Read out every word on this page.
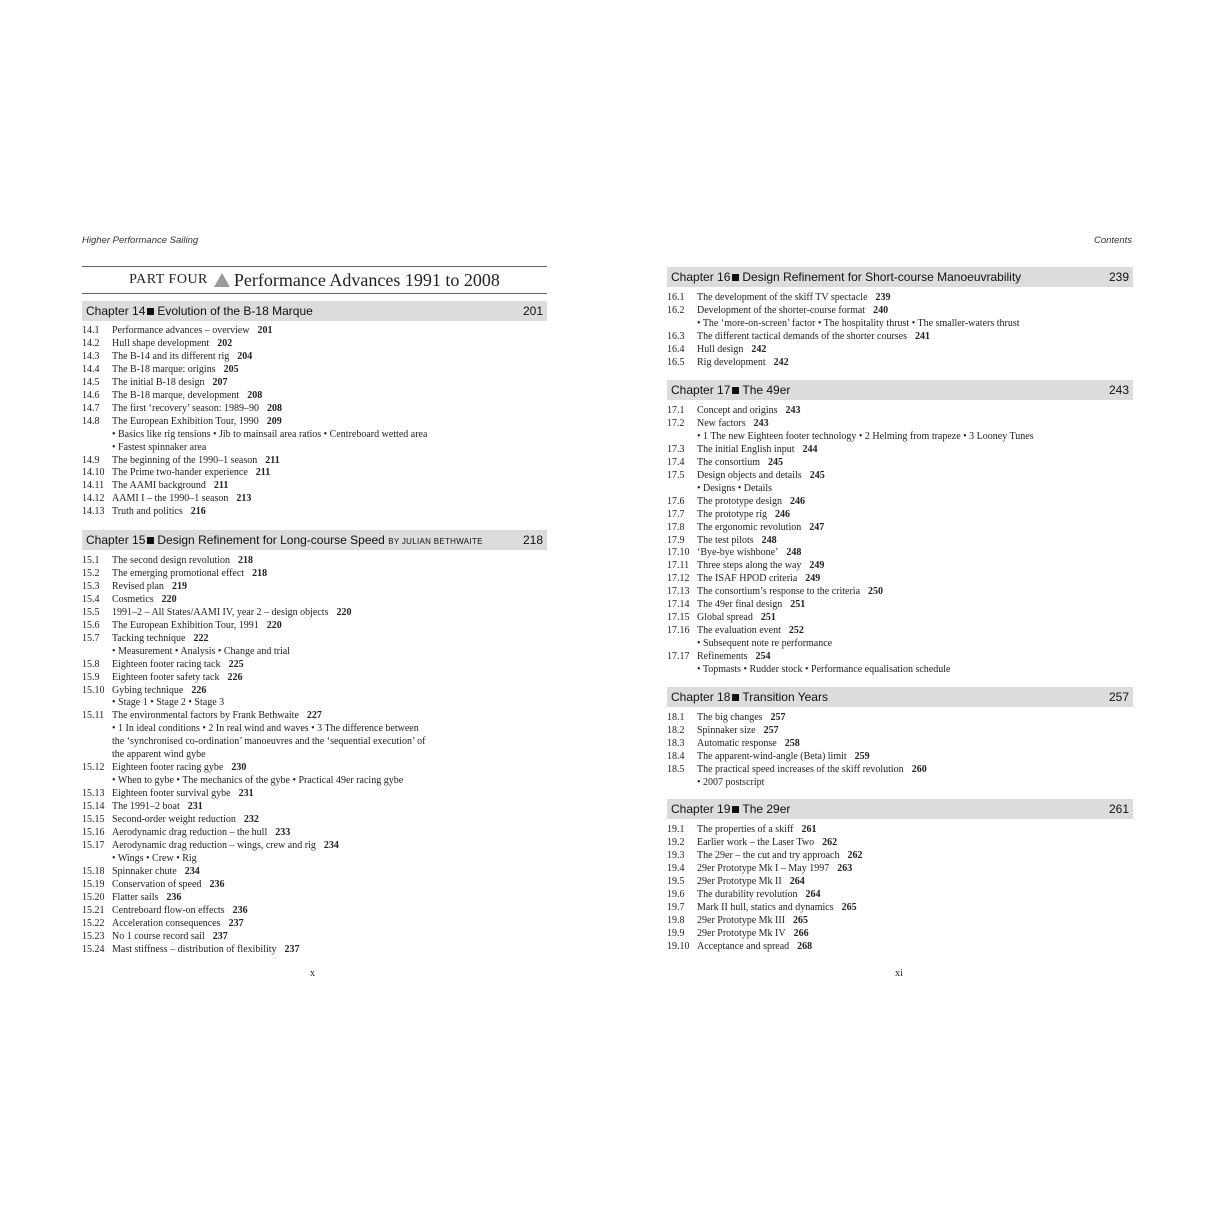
Higher Performance Sailing	Contents
PART FOUR Performance Advances 1991 to 2008
Chapter 14 Evolution of the B-18 Marque	201
14.1	Performance advances – overview 201
14.2	Hull shape development 202
14.3	The B-14 and its different rig 204
14.4	The B-18 marque: origins 205
14.5	The initial B-18 design 207
14.6	The B-18 marque, development 208
14.7	The first ‘recovery’ season: 1989–90 208
14.8	The European Exhibition Tour, 1990 209
• Basics like rig tensions • Jib to mainsail area ratios • Centreboard wetted area
• Fastest spinnaker area
14.9	The beginning of the 1990–1 season 211
14.10 The Prime two-hander experience 211
14.11 The AAMI background 211
14.12 AAMI I – the 1990–1 season 213
14.13 Truth and politics 216
Chapter 15 Design Refinement for Long-course Speed BY JULIAN BETHWAITE	218
15.1	The second design revolution 218
15.2	The emerging promotional effect 218
15.3	Revised plan 219
15.4	Cosmetics 220
15.5	1991–2 – All States/AAMI IV, year 2 – design objects 220
15.6	The European Exhibition Tour, 1991 220
15.7	Tacking technique 222
• Measurement • Analysis • Change and trial
15.8	Eighteen footer racing tack 225
15.9	Eighteen footer safety tack 226
15.10 Gybing technique 226
• Stage 1 • Stage 2 • Stage 3
15.11 The environmental factors by Frank Bethwaite 227
• 1 In ideal conditions • 2 In real wind and waves • 3 The difference between
the ‘synchronised co-ordination’ manoeuvres and the ‘sequential execution’ of
the apparent wind gybe
15.12 Eighteen footer racing gybe 230
• When to gybe • The mechanics of the gybe • Practical 49er racing gybe
15.13 Eighteen footer survival gybe 231
15.14 The 1991–2 boat 231
15.15 Second-order weight reduction 232
15.16 Aerodynamic drag reduction – the hull 233
15.17 Aerodynamic drag reduction – wings, crew and rig 234
• Wings • Crew • Rig
15.18 Spinnaker chute 234
15.19 Conservation of speed 236
15.20 Flatter sails 236
15.21 Centreboard flow-on effects 236
15.22 Acceleration consequences 237
15.23 No 1 course record sail 237
15.24 Mast stiffness – distribution of flexibility 237
Chapter 16 Design Refinement for Short-course Manoeuvrability	239
16.1	The development of the skiff TV spectacle 239
16.2	Development of the shorter-course format 240
• The ‘more-on-screen’ factor • The hospitality thrust • The smaller-waters thrust
16.3	The different tactical demands of the shorter courses 241
16.4	Hull design 242
16.5	Rig development 242
Chapter 17 The 49er	243
17.1	Concept and origins 243
17.2	New factors 243
• 1 The new Eighteen footer technology • 2 Helming from trapeze • 3 Looney Tunes
17.3	The initial English input 244
17.4	The consortium 245
17.5	Design objects and details 245
• Designs • Details
17.6	The prototype design 246
17.7	The prototype rig 246
17.8	The ergonomic revolution 247
17.9	The test pilots 248
17.10 ‘Bye-bye wishbone’ 248
17.11 Three steps along the way 249
17.12 The ISAF HPOD criteria 249
17.13 The consortium’s response to the criteria 250
17.14 The 49er final design 251
17.15 Global spread 251
17.16 The evaluation event 252
• Subsequent note re performance
17.17 Refinements 254
• Topmasts • Rudder stock • Performance equalisation schedule
Chapter 18 Transition Years	257
18.1	The big changes 257
18.2	Spinnaker size 257
18.3	Automatic response 258
18.4	The apparent-wind-angle (Beta) limit 259
18.5	The practical speed increases of the skiff revolution 260
• 2007 postscript
Chapter 19 The 29er	261
19.1	The properties of a skiff 261
19.2	Earlier work – the Laser Two 262
19.3	The 29er – the cut and try approach 262
19.4	29er Prototype Mk I – May 1997 263
19.5	29er Prototype Mk II 264
19.6	The durability revolution 264
19.7	Mark II hull, statics and dynamics 265
19.8	29er Prototype Mk III 265
19.9	29er Prototype Mk IV 266
19.10 Acceptance and spread 268
x	xi
